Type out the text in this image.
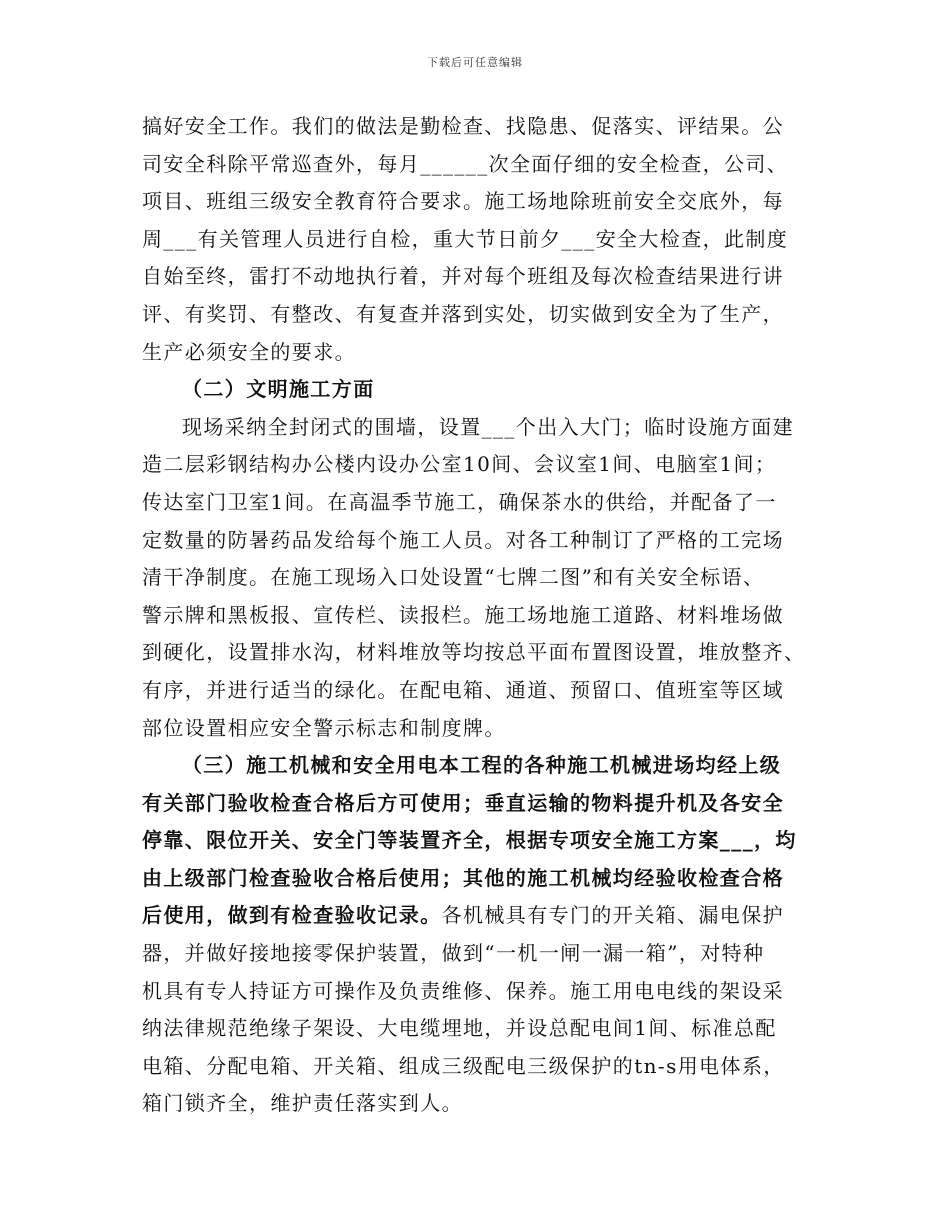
下载后可任意编辑
搞好安全工作。我们的做法是勤检查、找隐患、促落实、评结果。公
司安全科除平常巡查外，每月______次全面仔细的安全检查，公司、
项目、班组三级安全教育符合要求。施工场地除班前安全交底外，每
周___有关管理人员进行自检，重大节日前夕___安全大检查，此制度
自始至终，雷打不动地执行着，并对每个班组及每次检查结果进行讲
评、有奖罚、有整改、有复查并落到实处，切实做到安全为了生产，
生产必须安全的要求。
（二）文明施工方面
现场采纳全封闭式的围墙，设置___个出入大门；临时设施方面建
造二层彩钢结构办公楼内设办公室10间、会议室1间、电脑室1间；
传达室门卫室1间。在高温季节施工，确保茶水的供给，并配备了一
定数量的防暑药品发给每个施工人员。对各工种制订了严格的工完场
清干净制度。在施工现场入口处设置“七牌二图”和有关安全标语、
警示牌和黑板报、宣传栏、读报栏。施工场地施工道路、材料堆场做
到硬化，设置排水沟，材料堆放等均按总平面布置图设置，堆放整齐、
有序，并进行适当的绿化。在配电箱、通道、预留口、值班室等区域
部位设置相应安全警示标志和制度牌。
（三）施工机械和安全用电本工程的各种施工机械进场均经上级
有关部门验收检查合格后方可使用；垂直运输的物料提升机及各安全
停靠、限位开关、安全门等装置齐全，根据专项安全施工方案___，均
由上级部门检查验收合格后使用；其他的施工机械均经验收检查合格
后使用，做到有检查验收记录。各机械具有专门的开关箱、漏电保护
器，并做好接地接零保护装置，做到“一机一闸一漏一箱”，对特种
机具有专人持证方可操作及负责维修、保养。施工用电电线的架设采
纳法律规范绝缘子架设、大电缆埋地，并设总配电间1间、标准总配
电箱、分配电箱、开关箱、组成三级配电三级保护的tn-s用电体系，
箱门锁齐全，维护责任落实到人。
